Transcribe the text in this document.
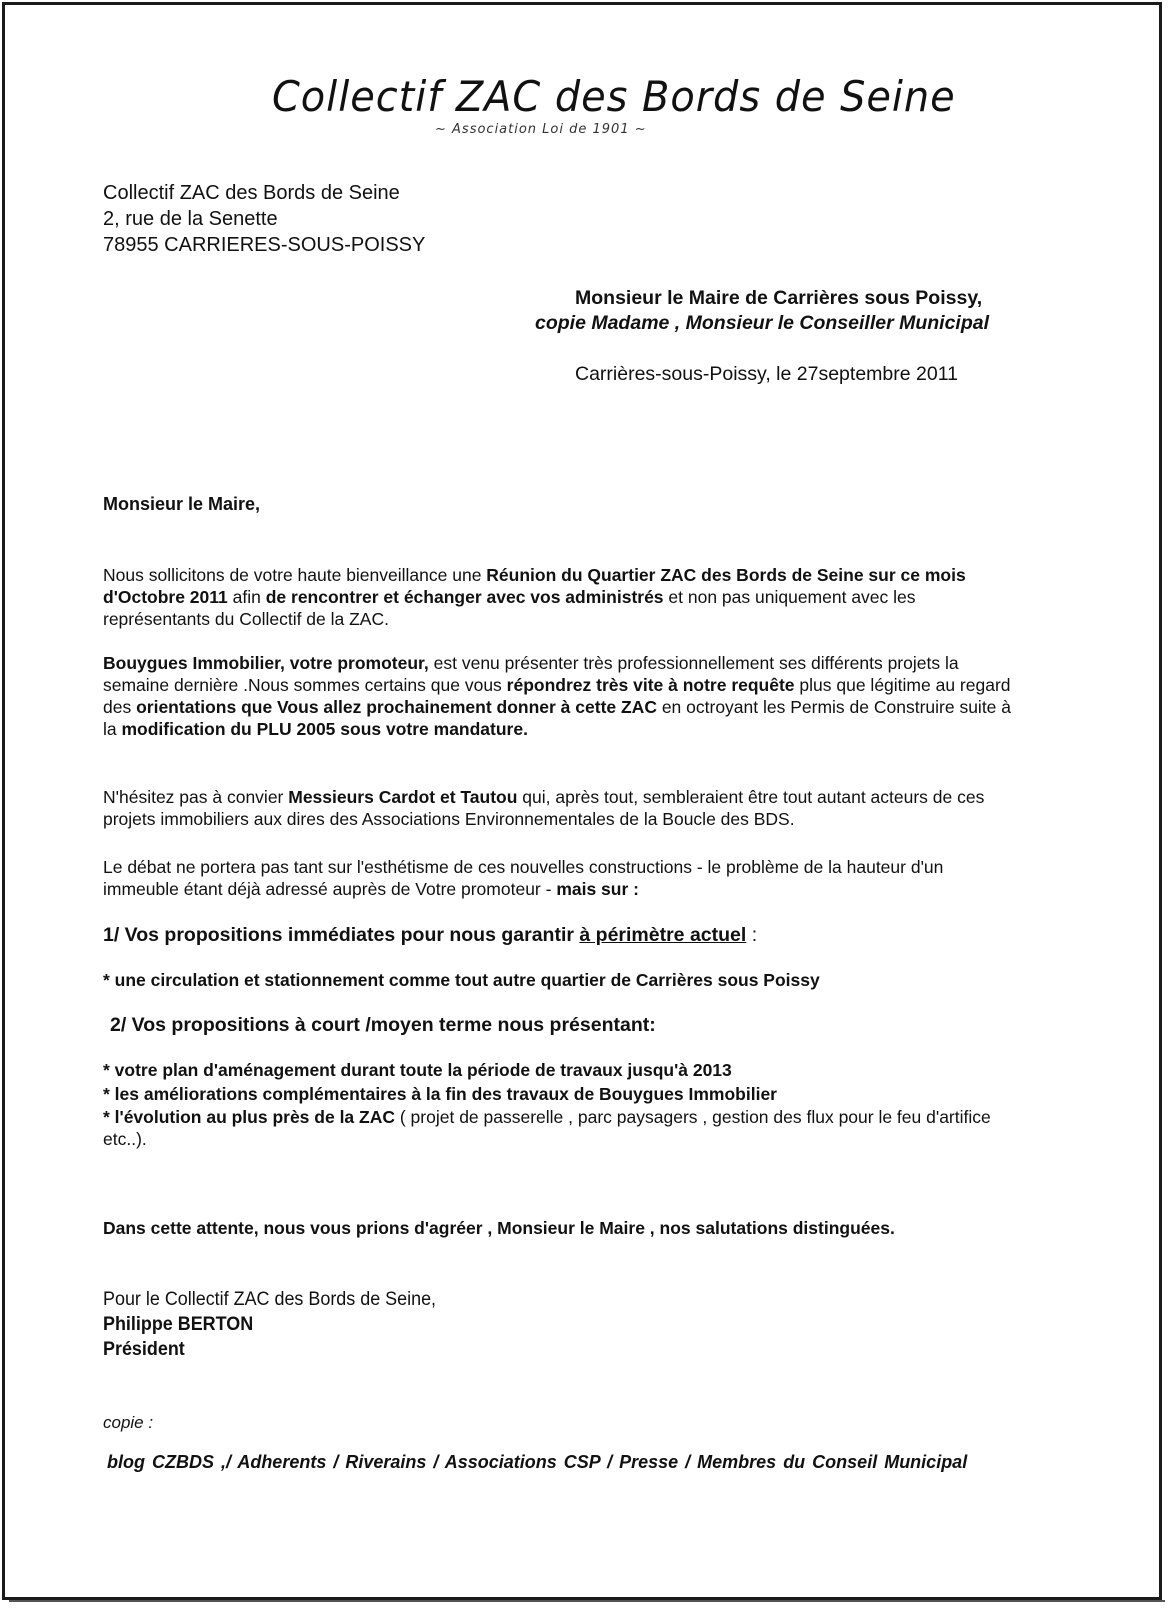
Collectif ZAC des Bords de Seine
~ Association Loi de 1901 ~
Collectif ZAC des Bords de Seine
2, rue de la Senette
78955 CARRIERES-SOUS-POISSY
Monsieur le Maire de Carrières sous Poissy,
copie Madame , Monsieur le Conseiller Municipal
Carrières-sous-Poissy, le 27septembre 2011
Monsieur le Maire,

Nous sollicitons de votre haute bienveillance une Réunion du Quartier ZAC des Bords de Seine sur ce mois d'Octobre 2011 afin de rencontrer et échanger avec vos administrés et non pas uniquement avec les représentants du Collectif de la ZAC.

Bouygues Immobilier, votre promoteur, est venu présenter très professionnellement ses différents projets la semaine dernière .Nous sommes certains que vous répondrez très vite à notre requête plus que légitime au regard des orientations que Vous allez prochainement donner à cette ZAC en octroyant les Permis de Construire suite à la modification du PLU 2005 sous votre mandature.

N'hésitez pas à convier Messieurs Cardot et Tautou qui, après tout, sembleraient être tout autant acteurs de ces projets immobiliers aux dires des Associations Environnementales de la Boucle des BDS.

Le débat ne portera pas tant sur l'esthétisme de ces nouvelles constructions - le problème de la hauteur d'un immeuble étant déjà adressé auprès de Votre promoteur - mais sur :

1/ Vos propositions immédiates pour nous garantir à périmètre actuel :
* une circulation et stationnement comme tout autre quartier de Carrières sous Poissy
2/ Vos propositions à court /moyen terme nous présentant:
* votre plan d'aménagement durant toute la période de travaux jusqu'à 2013
* les améliorations complémentaires à la fin des travaux de Bouygues Immobilier

* l'évolution au plus près de la ZAC ( projet de passerelle , parc paysagers , gestion des flux pour le feu d'artifice etc..).

Dans cette attente, nous vous prions d'agréer , Monsieur le Maire , nos salutations distinguées.
Pour le Collectif ZAC des Bords de Seine,
Philippe BERTON
Président
copie :
blog CZBDS ,/ Adherents / Riverains / Associations CSP / Presse / Membres du Conseil Municipal
